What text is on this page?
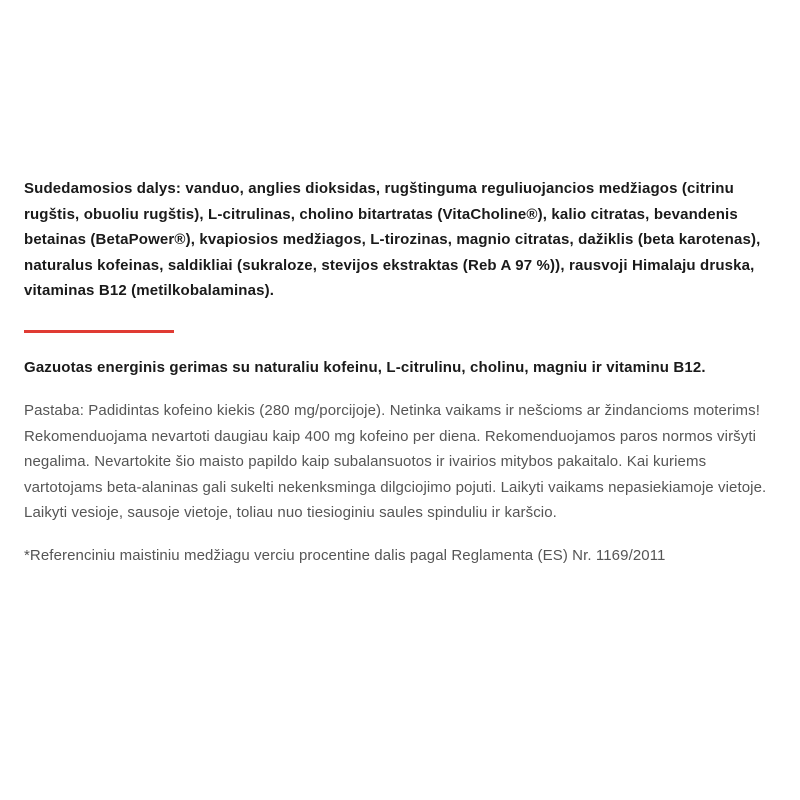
Sudedamosios dalys: vanduo, anglies dioksidas, rugštinguma reguliuojancios medžiagos (citrinu rugštis, obuoliu rugštis), L-citrulinas, cholino bitartratas (VitaCholine®), kalio citratas, bevandenis betainas (BetaPower®), kvapiosios medžiagos, L-tirozinas, magnio citratas, dažiklis (beta karotenas), naturalus kofeinas, saldikliai (sukraloze, stevijos ekstraktas (Reb A 97 %)), rausvoji Himalaju druska, vitaminas B12 (metilkobalaminas).

Gazuotas energinis gerimas su naturaliu kofeinu, L-citrulinu, cholinu, magniu ir vitaminu B12.

Pastaba: Padidintas kofeino kiekis (280 mg/porcijoje). Netinka vaikams ir nešcioms ar žindancioms moterims! Rekomenduojama nevartoti daugiau kaip 400 mg kofeino per diena. Rekomenduojamos paros normos viršyti negalima. Nevartokite šio maisto papildo kaip subalansuotos ir ivairios mitybos pakaitalo. Kai kuriems vartotojams beta-alaninas gali sukelti nekenksminga dilgciojimo pojuti. Laikyti vaikams nepasiekiamoje vietoje. Laikyti vesioje, sausoje vietoje, toliau nuo tiesioginiu saules spinduliu ir karšcio.

*Referenciniu maistiniu medžiagu verciu procentine dalis pagal Reglamenta (ES) Nr. 1169/2011
